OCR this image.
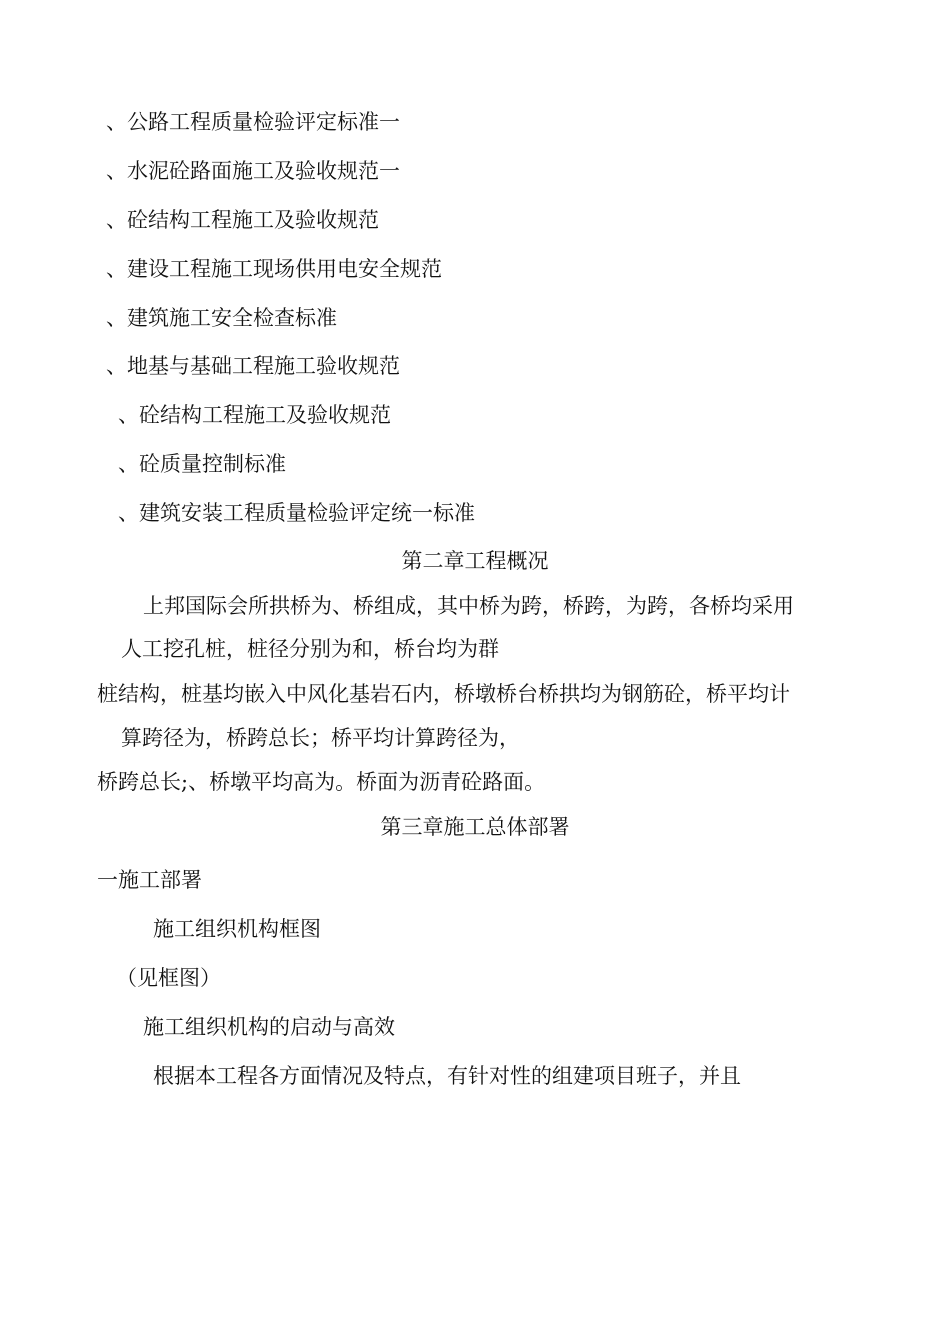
、公路工程质量检验评定标准一
、水泥砼路面施工及验收规范一
、砼结构工程施工及验收规范
、建设工程施工现场供用电安全规范
、建筑施工安全检查标准
、地基与基础工程施工验收规范
、砼结构工程施工及验收规范
、砼质量控制标准
、建筑安装工程质量检验评定统一标准
第二章工程概况
上邦国际会所拱桥为、桥组成，其中桥为跨，桥跨，为跨，各桥均采用
人工挖孔桩，桩径分别为和，桥台均为群
桩结构，桩基均嵌入中风化基岩石内，桥墩桥台桥拱均为钢筋砼，桥平均计
算跨径为，桥跨总长；桥平均计算跨径为，
桥跨总长;、桥墩平均高为。桥面为沥青砼路面。
第三章施工总体部署
一施工部署
施工组织机构框图
（见框图）
施工组织机构的启动与高效
根据本工程各方面情况及特点，有针对性的组建项目班子，并且
